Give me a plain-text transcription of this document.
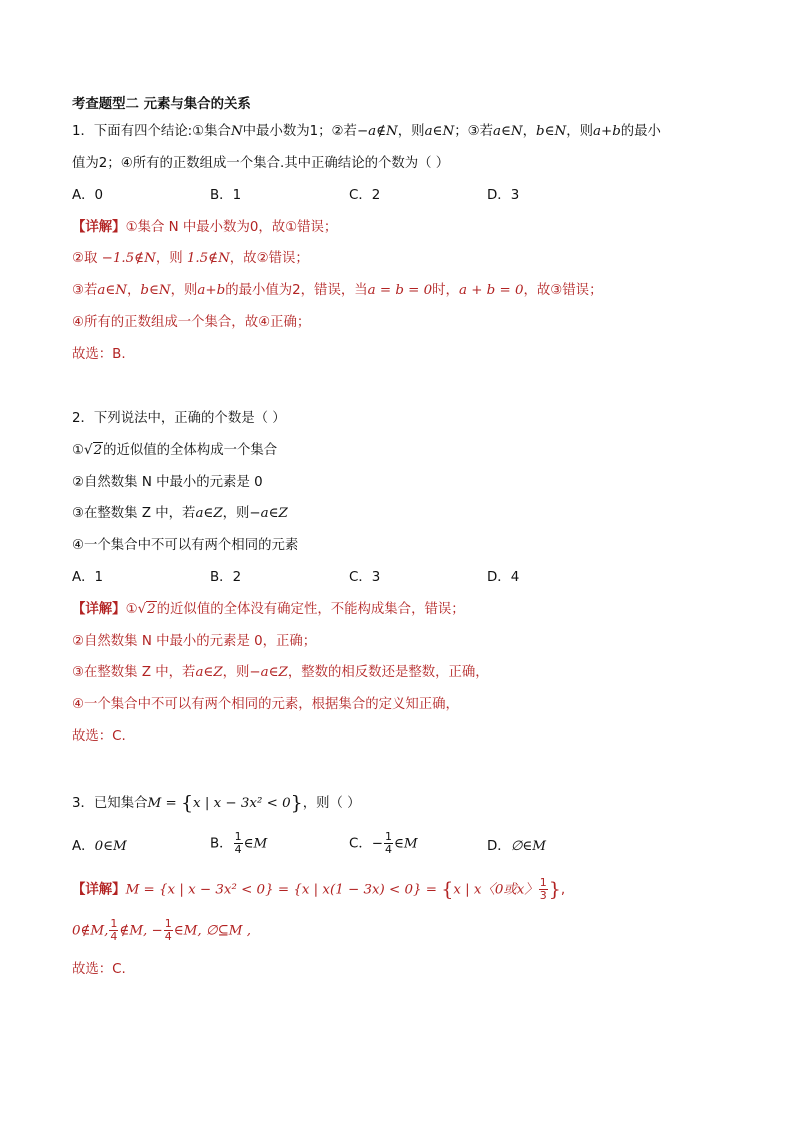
考查题型二 元素与集合的关系
1．下面有四个结论:①集合N中最小数为1；②若−a∉N，则a∈N；③若a∈N，b∈N，则a+b的最小
值为2；④所有的正数组成一个集合.其中正确结论的个数为（ ）
A．0	B．1	C．2	D．3
【详解】①集合 N 中最小数为0，故①错误；
②取 −1.5∉N，则 1.5∉N，故②错误；
③若a∈N，b∈N，则a+b的最小值为2，错误，当a = b = 0时，a + b = 0，故③错误；
④所有的正数组成一个集合，故④正确；
故选：B.
2．下列说法中，正确的个数是（ ）
①√2的近似值的全体构成一个集合
②自然数集 N 中最小的元素是 0
③在整数集 Z 中，若a∈Z，则−a∈Z
④一个集合中不可以有两个相同的元素
A．1	B．2	C．3	D．4
【详解】①√2的近似值的全体没有确定性，不能构成集合，错误；
②自然数集 N 中最小的元素是 0，正确；
③在整数集 Z 中，若a∈Z，则−a∈Z，整数的相反数还是整数，正确，
④一个集合中不可以有两个相同的元素，根据集合的定义知正确，
故选：C.
3．已知集合M = {x | x − 3x² < 0}，则（ ）
A．0∈M	B． $\frac{1}{4}$ ∈M	C．− $\frac{1}{4}$ ∈M	D．∅∈M
【详解】M = {x | x − 3x² < 0} = {x | x(1 − 3x) < 0} = {x | x〈0或x〉 $\frac{1}{3}$ },
0∉M, $\frac{1}{4}$ ∉M, − $\frac{1}{4}$ ∈M, ∅⊆M ,
故选：C.
